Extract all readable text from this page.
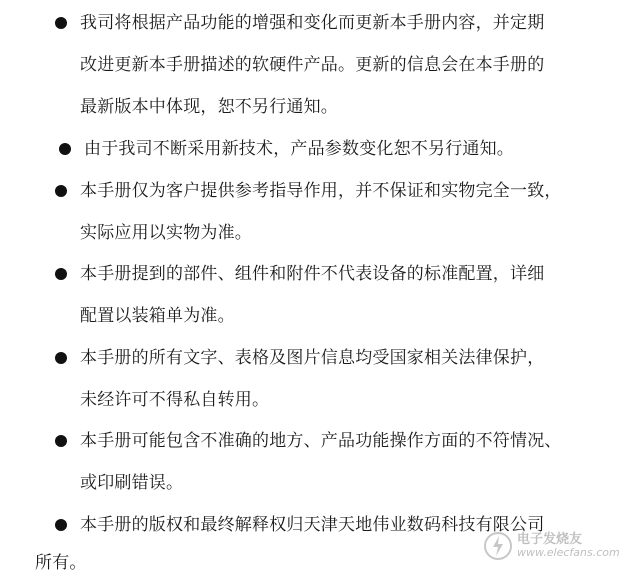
我司将根据产品功能的增强和变化而更新本手册内容，并定期
改进更新本手册描述的软硬件产品。更新的信息会在本手册的
最新版本中体现，恕不另行通知。
由于我司不断采用新技术，产品参数变化恕不另行通知。
本手册仅为客户提供参考指导作用，并不保证和实物完全一致，
实际应用以实物为准。
本手册提到的部件、组件和附件不代表设备的标准配置，详细
配置以装箱单为准。
本手册的所有文字、表格及图片信息均受国家相关法律保护，
未经许可不得私自转用。
本手册可能包含不准确的地方、产品功能操作方面的不符情况、
或印刷错误。
本手册的版权和最终解释权归天津天地伟业数码科技有限公司
所有。
电子发烧友
www.elecfans.com
